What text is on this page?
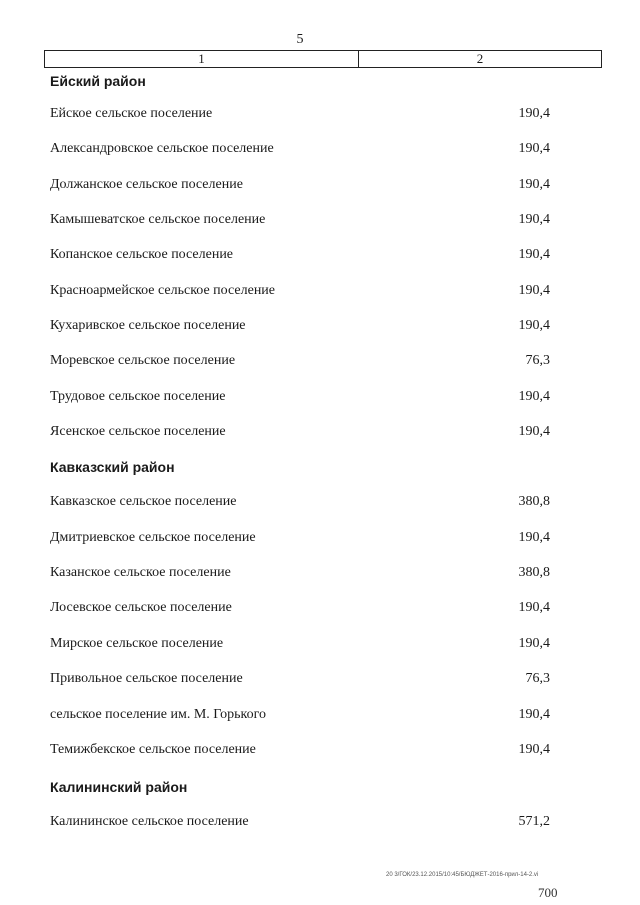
5
1	2
Ейский район
Ейское сельское поселение	190,4
Александровское сельское поселение	190,4
Должанское сельское поселение	190,4
Камышеватское сельское поселение	190,4
Копанское сельское поселение	190,4
Красноармейское сельское поселение	190,4
Кухаривское сельское поселение	190,4
Моревское сельское поселение	76,3
Трудовое сельское поселение	190,4
Ясенское сельское поселение	190,4
Кавказский район
Кавказское сельское поселение	380,8
Дмитриевское сельское поселение	190,4
Казанское сельское поселение	380,8
Лосевское сельское поселение	190,4
Мирское сельское поселение	190,4
Привольное сельское поселение	76,3
сельское поселение им. М. Горького	190,4
Темижбекское сельское поселение	190,4
Калининский район
Калининское сельское поселение	571,2
20 3/ГОК/23.12.2015/10:45/БЮДЖЕТ-2016-прил-14-2.vi
700
